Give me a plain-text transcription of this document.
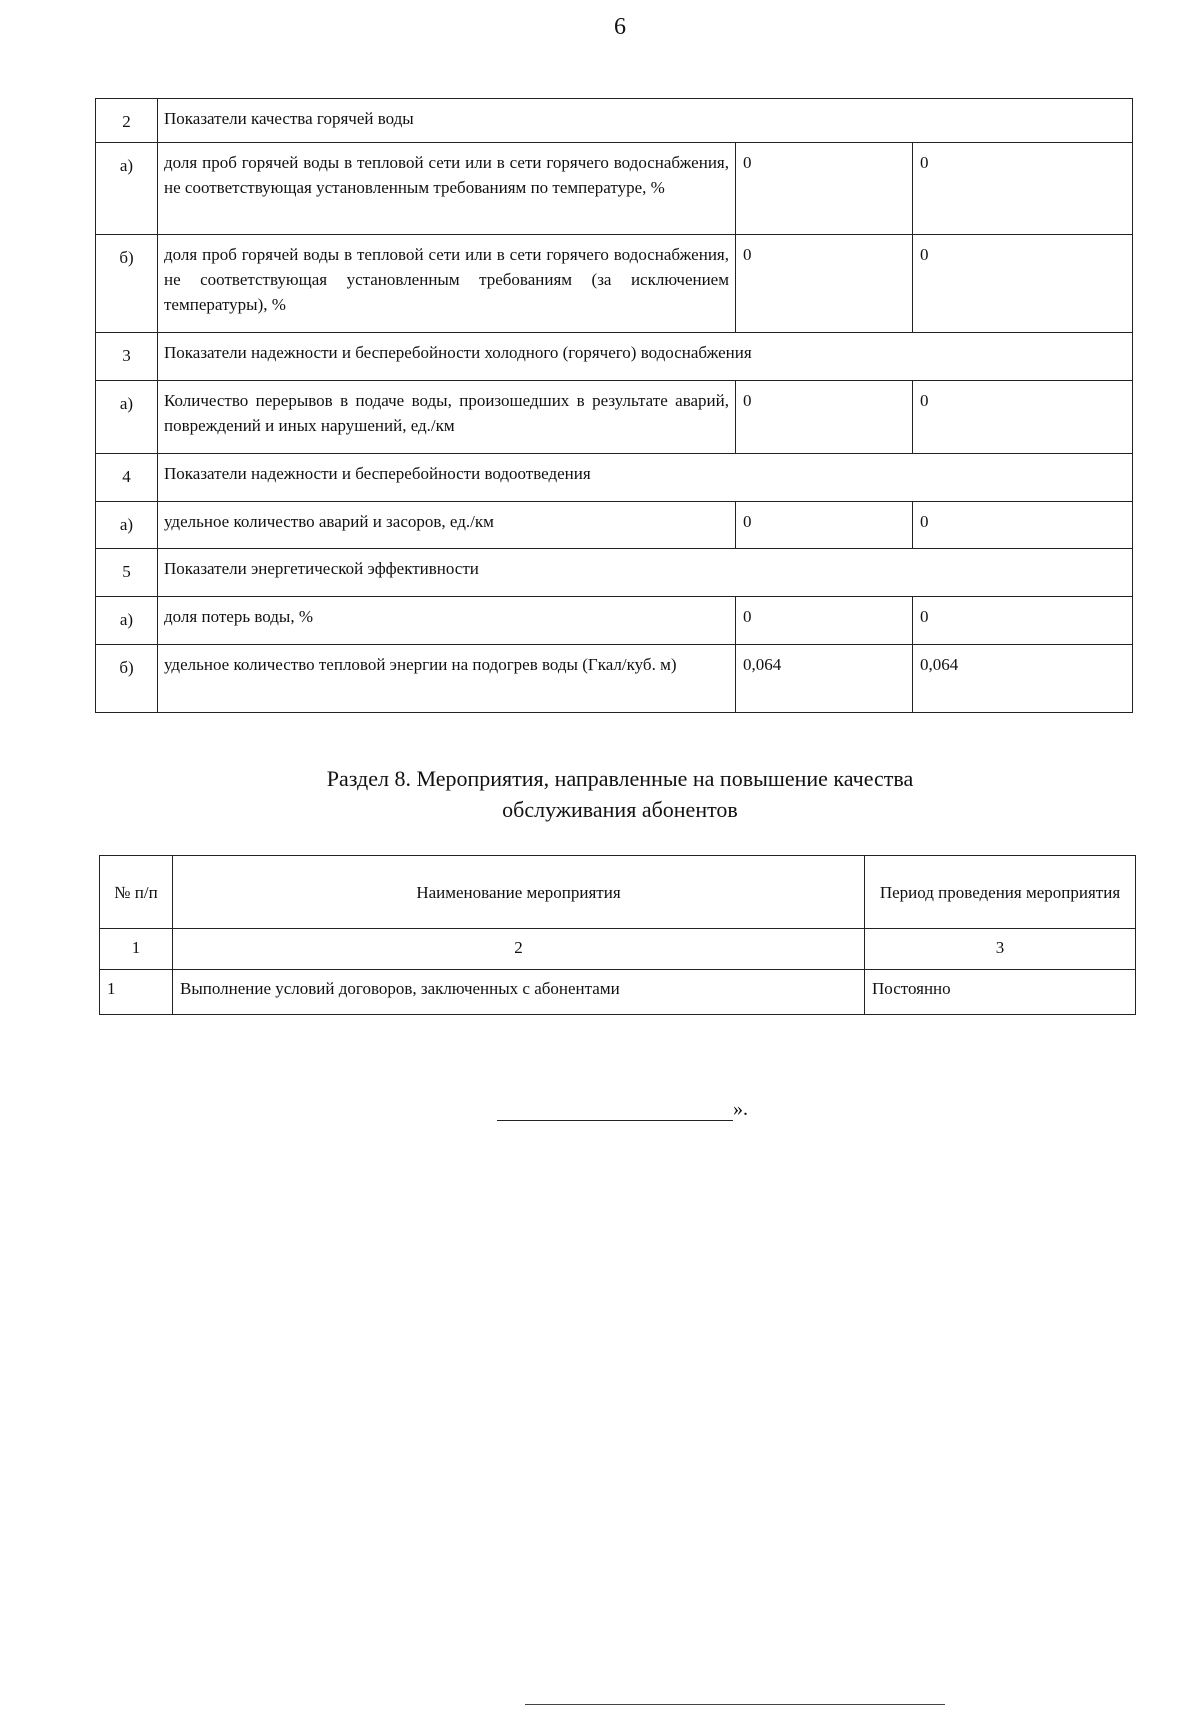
6
2	Показатели качества горячей воды		
а)	доля проб горячей воды в тепловой сети или в сети горячего водоснабжения, не соответствующая установленным требованиям по температуре, %	0	0
б)	доля проб горячей воды в тепловой сети или в сети горячего водоснабжения, не соответствующая установленным требованиям (за исключением температуры), %	0	0
3	Показатели надежности и бесперебойности холодного (горячего) водоснабжения		
а)	Количество перерывов в подаче воды, произошедших в результате аварий, повреждений и иных нарушений, ед./км	0	0
4	Показатели надежности и бесперебойности водоотведения		
а)	удельное количество аварий и засоров, ед./км	0	0
5	Показатели энергетической эффективности		
а)	доля потерь воды, %	0	0
б)	удельное количество тепловой энергии на подогрев воды (Гкал/куб. м)	0,064	0,064
Раздел 8. Мероприятия, направленные на повышение качества
обслуживания абонентов
№ п/п	Наименование мероприятия	Период проведения мероприятия
1	2	3
1	Выполнение условий договоров, заключенных с абонентами	Постоянно
».
